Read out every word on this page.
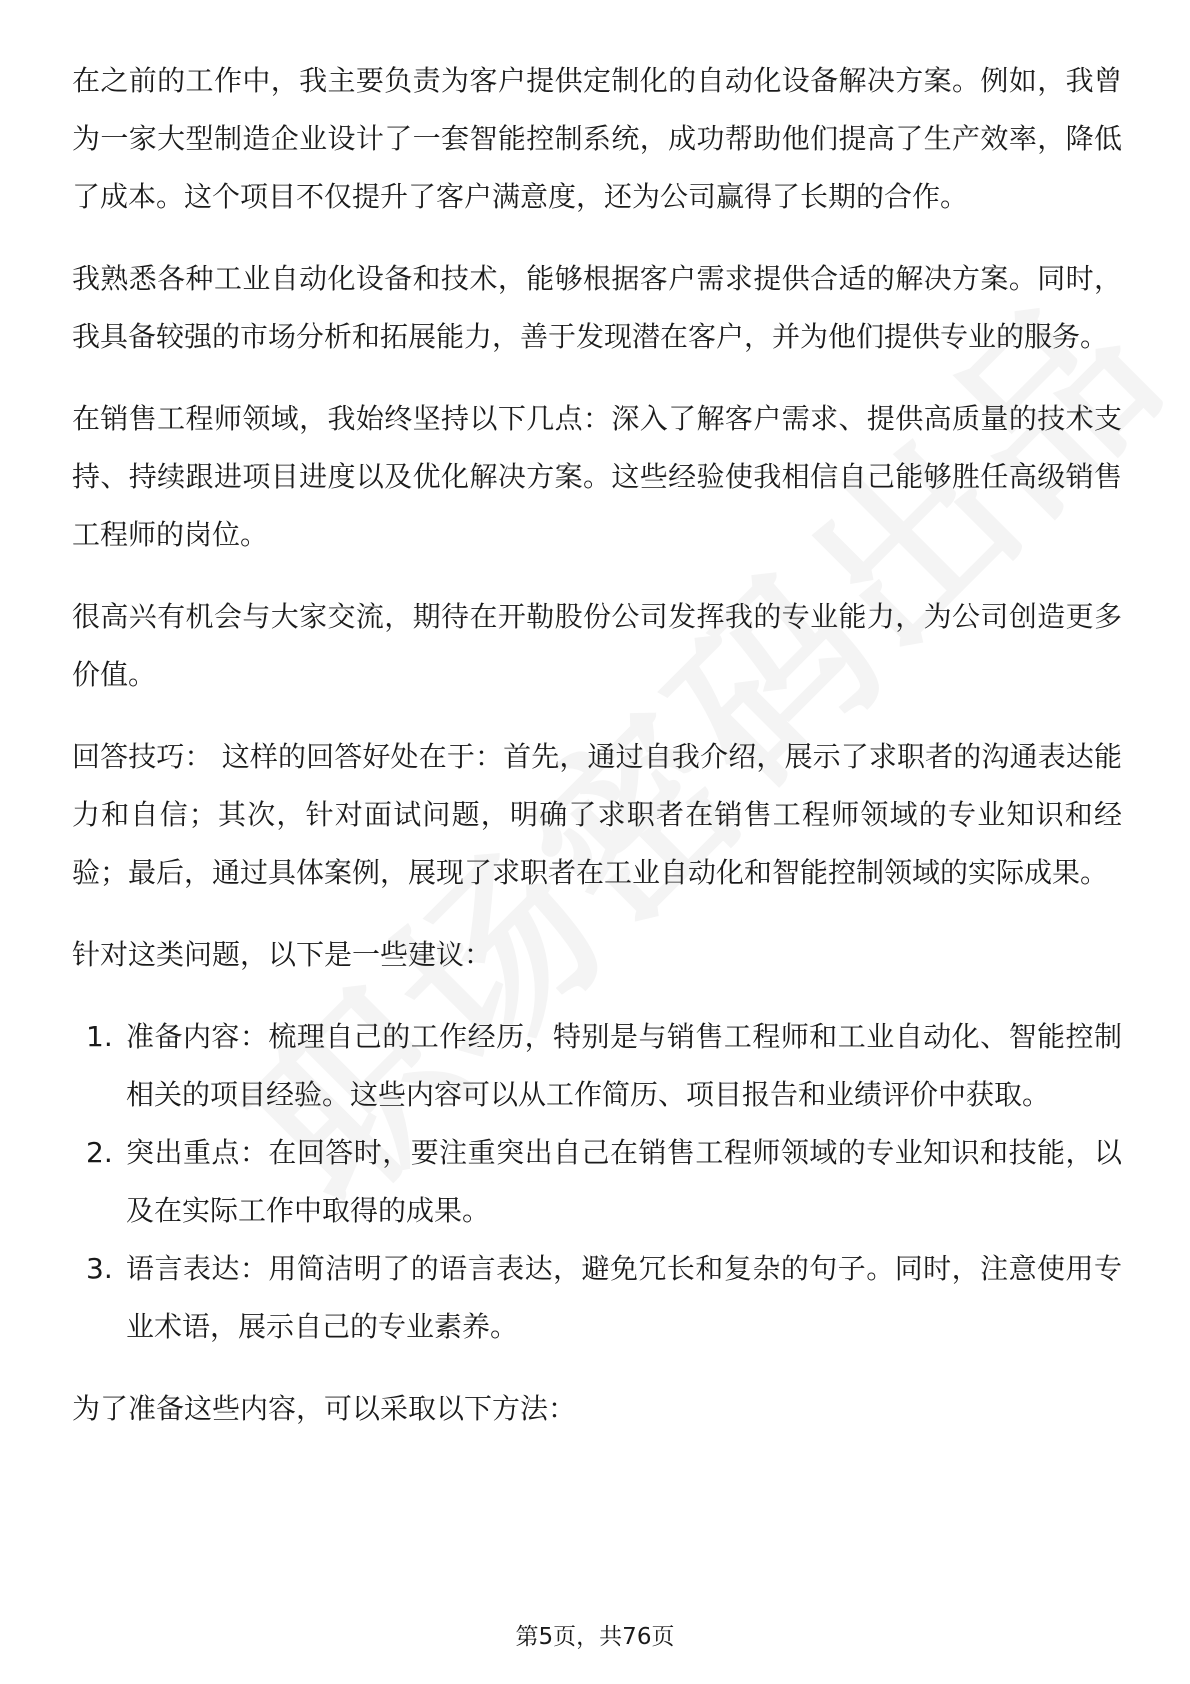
在之前的工作中，我主要负责为客户提供定制化的自动化设备解决方案。例如，我曾为一家大型制造企业设计了一套智能控制系统，成功帮助他们提高了生产效率，降低了成本。这个项目不仅提升了客户满意度，还为公司赢得了长期的合作。

我熟悉各种工业自动化设备和技术，能够根据客户需求提供合适的解决方案。同时，我具备较强的市场分析和拓展能力，善于发现潜在客户，并为他们提供专业的服务。

在销售工程师领域，我始终坚持以下几点：深入了解客户需求、提供高质量的技术支持、持续跟进项目进度以及优化解决方案。这些经验使我相信自己能够胜任高级销售工程师的岗位。

很高兴有机会与大家交流，期待在开勒股份公司发挥我的专业能力，为公司创造更多价值。

回答技巧： 这样的回答好处在于：首先，通过自我介绍，展示了求职者的沟通表达能力和自信；其次，针对面试问题，明确了求职者在销售工程师领域的专业知识和经验；最后，通过具体案例，展现了求职者在工业自动化和智能控制领域的实际成果。

针对这类问题，以下是一些建议：

1. 准备内容：梳理自己的工作经历，特别是与销售工程师和工业自动化、智能控制相关的项目经验。这些内容可以从工作简历、项目报告和业绩评价中获取。
2. 突出重点：在回答时，要注重突出自己在销售工程师领域的专业知识和技能，以及在实际工作中取得的成果。
3. 语言表达：用简洁明了的语言表达，避免冗长和复杂的句子。同时，注意使用专业术语，展示自己的专业素养。

为了准备这些内容，可以采取以下方法：

第5页，共76页
